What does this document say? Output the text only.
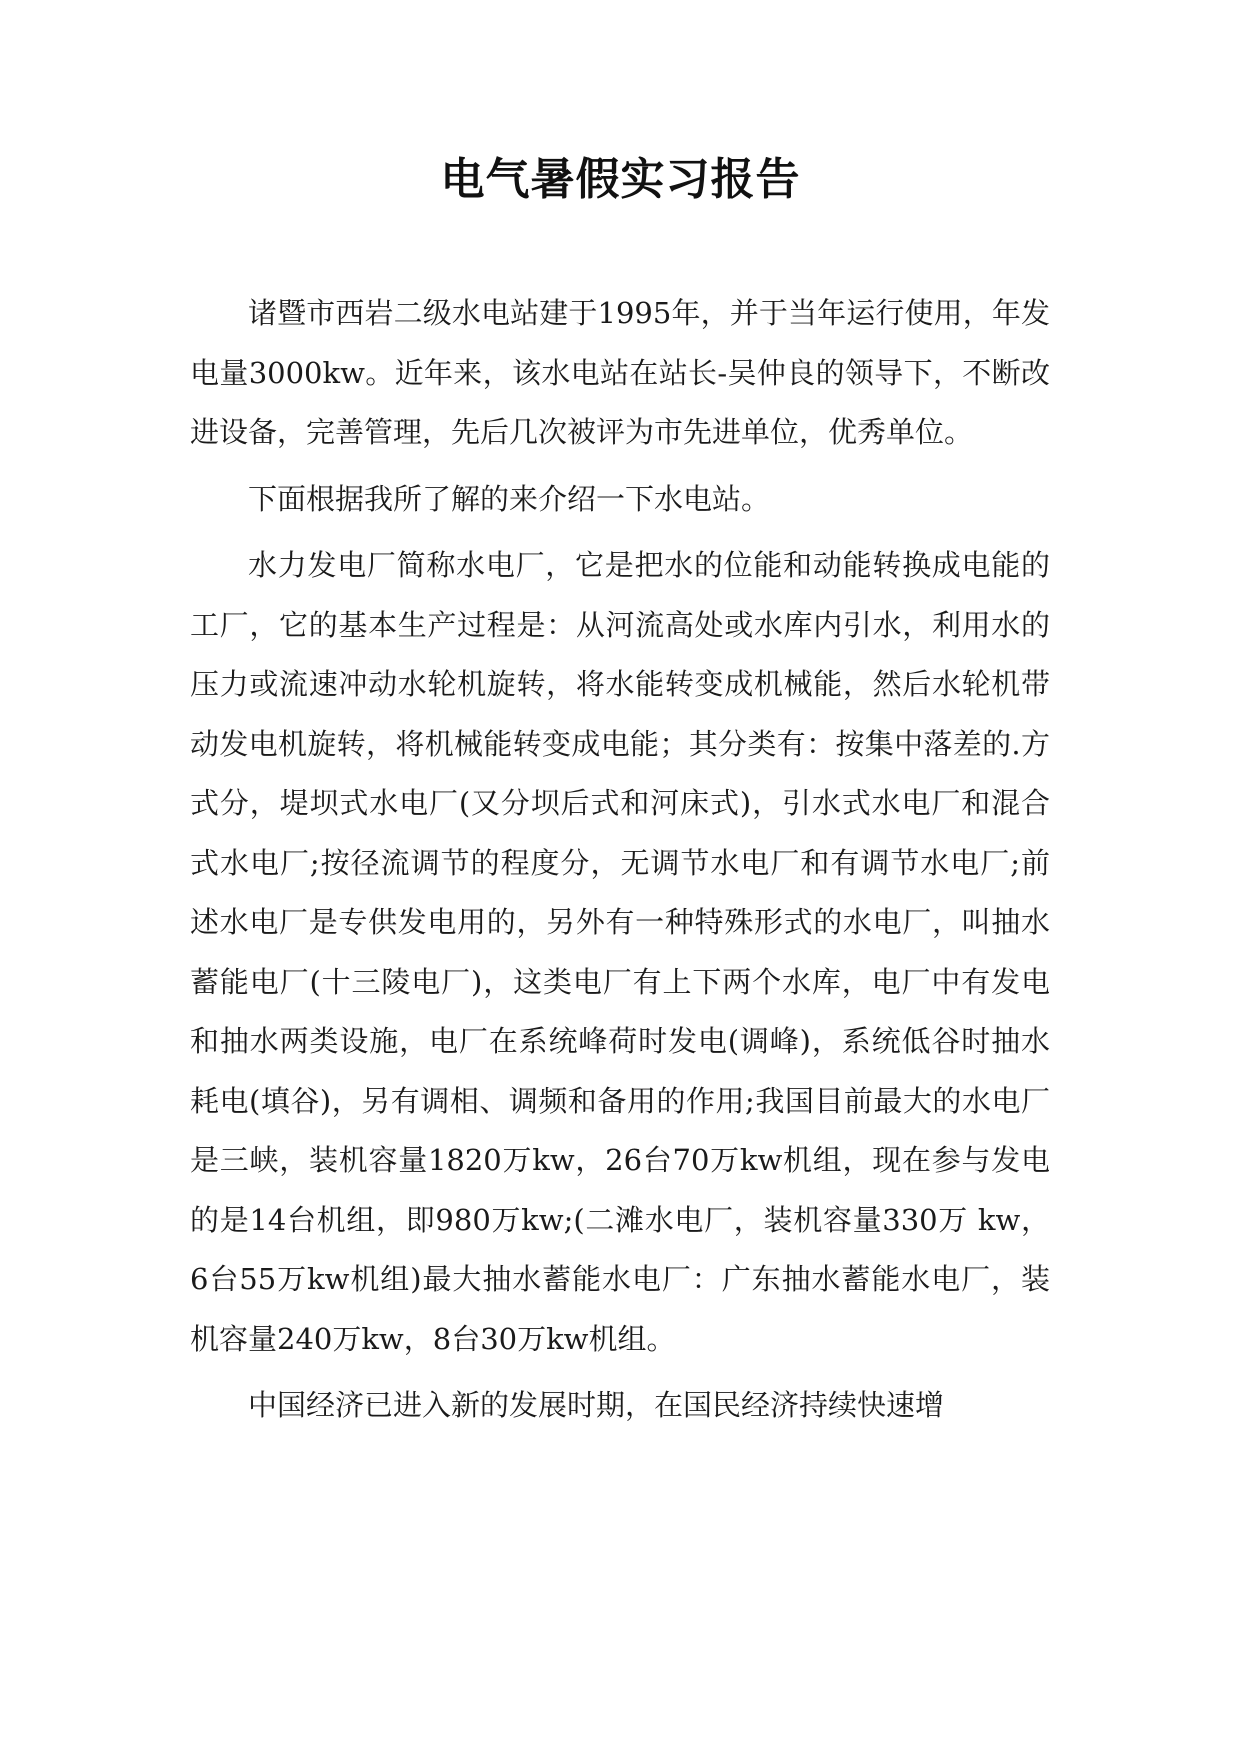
电气暑假实习报告

诸暨市西岩二级水电站建于1995年，并于当年运行使用，年发电量3000kw。近年来，该水电站在站长-吴仲良的领导下，不断改进设备，完善管理，先后几次被评为市先进单位，优秀单位。

下面根据我所了解的来介绍一下水电站。

水力发电厂简称水电厂，它是把水的位能和动能转换成电能的工厂，它的基本生产过程是：从河流高处或水库内引水，利用水的压力或流速冲动水轮机旋转，将水能转变成机械能，然后水轮机带动发电机旋转，将机械能转变成电能；其分类有：按集中落差的.方式分，堤坝式水电厂(又分坝后式和河床式)，引水式水电厂和混合式水电厂;按径流调节的程度分，无调节水电厂和有调节水电厂;前述水电厂是专供发电用的，另外有一种特殊形式的水电厂，叫抽水蓄能电厂(十三陵电厂)，这类电厂有上下两个水库，电厂中有发电和抽水两类设施，电厂在系统峰荷时发电(调峰)，系统低谷时抽水耗电(填谷)，另有调相、调频和备用的作用;我国目前最大的水电厂是三峡，装机容量1820万kw，26台70万kw机组，现在参与发电的是14台机组，即980万kw;(二滩水电厂，装机容量330万 kw，6台55万kw机组)最大抽水蓄能水电厂：广东抽水蓄能水电厂，装机容量240万kw，8台30万kw机组。

中国经济已进入新的发展时期，在国民经济持续快速增
